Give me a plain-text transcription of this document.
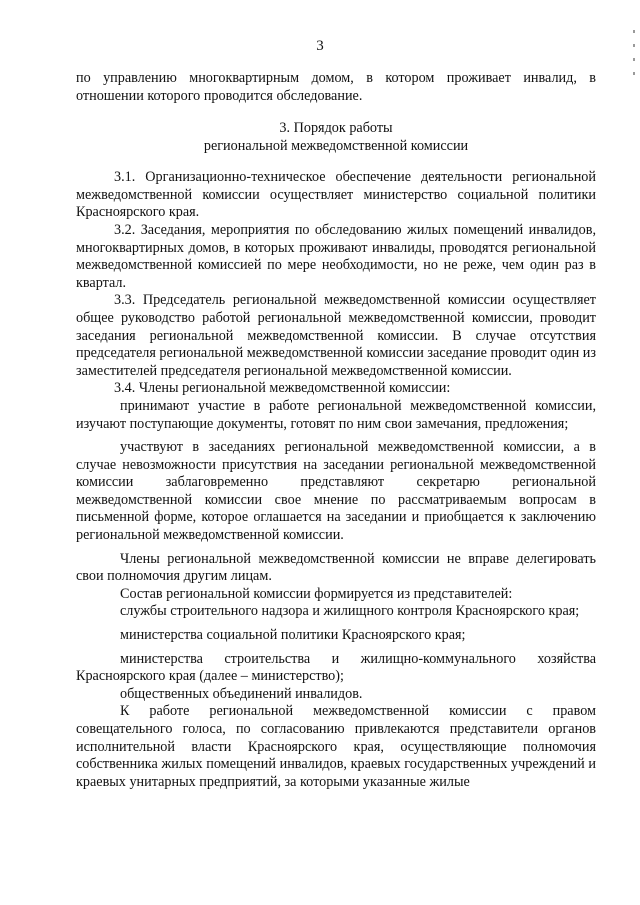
3

по управлению многоквартирным домом, в котором проживает инвалид, в отношении которого проводится обследование.

3. Порядок работы
региональной межведомственной комиссии

3.1. Организационно-техническое обеспечение деятельности региональной межведомственной комиссии осуществляет министерство социальной политики Красноярского края.

3.2. Заседания, мероприятия по обследованию жилых помещений инвалидов, многоквартирных домов, в которых проживают инвалиды, проводятся региональной межведомственной комиссией по мере необходимости, но не реже, чем один раз в квартал.

3.3. Председатель региональной межведомственной комиссии осуществляет общее руководство работой региональной межведомственной комиссии, проводит заседания региональной межведомственной комиссии. В случае отсутствия председателя региональной межведомственной комиссии заседание проводит один из заместителей председателя региональной межведомственной комиссии.

3.4. Члены региональной межведомственной комиссии:

принимают участие в работе региональной межведомственной комиссии, изучают поступающие документы, готовят по ним свои замечания, предложения;

участвуют в заседаниях региональной межведомственной комиссии, а в случае невозможности присутствия на заседании региональной межведомственной комиссии заблаговременно представляют секретарю региональной межведомственной комиссии свое мнение по рассматриваемым вопросам в письменной форме, которое оглашается на заседании и приобщается к заключению региональной межведомственной комиссии.

Члены региональной межведомственной комиссии не вправе делегировать свои полномочия другим лицам.

Состав региональной комиссии формируется из представителей:

службы строительного надзора и жилищного контроля Красноярского края;

министерства социальной политики Красноярского края;

министерства строительства и жилищно-коммунального хозяйства Красноярского края (далее – министерство);

общественных объединений инвалидов.

К работе региональной межведомственной комиссии с правом совещательного голоса, по согласованию привлекаются представители органов исполнительной власти Красноярского края, осуществляющие полномочия собственника жилых помещений инвалидов, краевых государственных учреждений и краевых унитарных предприятий, за которыми указанные жилые
